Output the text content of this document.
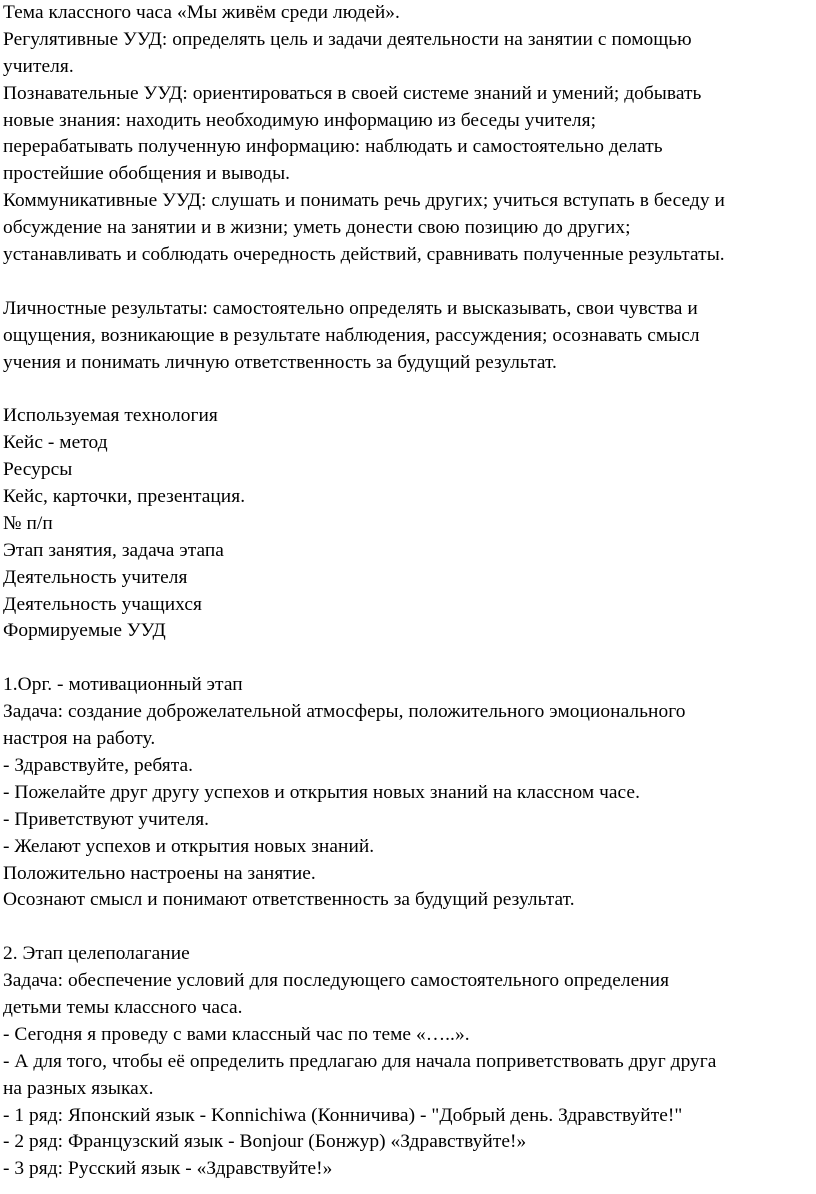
Тема классного часа «Мы живём среди людей».
Регулятивные УУД: определять цель и задачи деятельности на занятии с помощью
учителя.
Познавательные УУД: ориентироваться в своей системе знаний и умений; добывать
новые знания: находить необходимую информацию из беседы учителя;
перерабатывать полученную информацию: наблюдать и самостоятельно делать
простейшие обобщения и выводы.
Коммуникативные УУД: слушать и понимать речь других; учиться вступать в беседу и
обсуждение на занятии и в жизни; уметь донести свою позицию до других;
устанавливать и соблюдать очередность действий, сравнивать полученные результаты.
Личностные результаты: самостоятельно определять и высказывать, свои чувства и
ощущения, возникающие в результате наблюдения, рассуждения; осознавать смысл
учения и понимать личную ответственность за будущий результат.
Используемая технология
Кейс - метод
Ресурсы
Кейс, карточки, презентация.
№ п/п
Этап занятия, задача этапа
Деятельность учителя
Деятельность учащихся
Формируемые УУД
1.Орг. - мотивационный этап
Задача: создание доброжелательной атмосферы, положительного эмоционального
настроя на работу.
- Здравствуйте, ребята.
- Пожелайте друг другу успехов и открытия новых знаний на классном часе.
- Приветствуют учителя.
- Желают успехов и открытия новых знаний.
Положительно настроены на занятие.
Осознают смысл и понимают ответственность за будущий результат.
2. Этап целеполагание
Задача: обеспечение условий для последующего самостоятельного определения
детьми темы классного часа.
- Сегодня я проведу с вами классный час по теме «…..».
- А для того, чтобы её определить предлагаю для начала поприветствовать друг друга
на разных языках.
- 1 ряд: Японский язык - Konnichiwa (Конничива) - "Добрый день. Здравствуйте!"
- 2 ряд: Французский язык - Bonjour (Бонжур) «Здравствуйте!»
- 3 ряд: Русский язык - «Здравствуйте!»
